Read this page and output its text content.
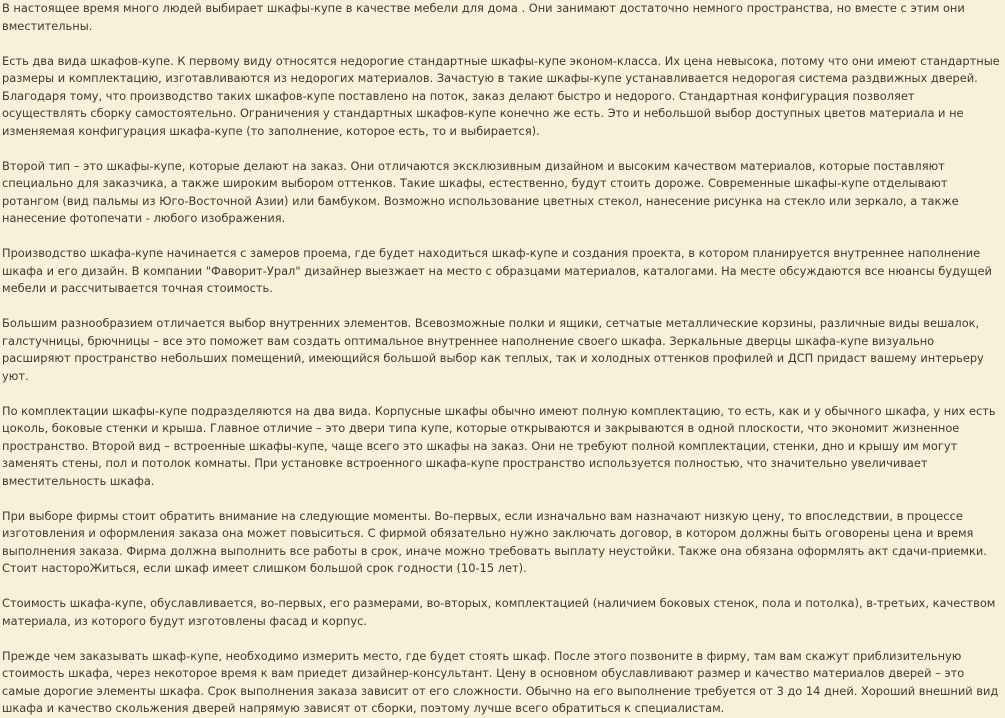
В настоящее время много людей выбирает шкафы-купе в качестве мебели для дома . Они занимают достаточно немного пространства, но вместе с этим они вместительны.

Есть два вида шкафов-купе. К первому виду относятся недорогие стандартные шкафы-купе эконом-класса. Их цена невысока, потому что они имеют стандартные размеры и комплектацию, изготавливаются из недорогих материалов. Зачастую в такие шкафы-купе устанавливается недорогая система раздвижных дверей. Благодаря тому, что производство таких шкафов-купе поставлено на поток, заказ делают быстро и недорого. Стандартная конфигурация позволяет осуществлять сборку самостоятельно. Ограничения у стандартных шкафов-купе конечно же есть. Это и небольшой выбор доступных цветов материала и не изменяемая конфигурация шкафа-купе (то заполнение, которое есть, то и выбирается).

Второй тип – это шкафы-купе, которые делают на заказ. Они отличаются эксклюзивным дизайном и высоким качеством материалов, которые поставляют специально для заказчика, а также широким выбором оттенков. Такие шкафы, естественно, будут стоить дороже. Современные шкафы-купе отделывают ротангом (вид пальмы из Юго-Восточной Азии) или бамбуком. Возможно использование цветных стекол, нанесение рисунка на стекло или зеркало, а также нанесение фотопечати - любого изображения.

Производство шкафа-купе начинается с замеров проема, где будет находиться шкаф-купе и создания проекта, в котором планируется внутреннее наполнение шкафа и его дизайн. В компании "Фаворит-Урал" дизайнер выезжает на место с образцами материалов, каталогами. На месте обсуждаются все нюансы будущей мебели и рассчитывается точная стоимость.

Большим разнообразием отличается выбор внутренних элементов. Всевозможные полки и ящики, сетчатые металлические корзины, различные виды вешалок, галстучницы, брючницы – все это поможет вам создать оптимальное внутреннее наполнение своего шкафа. Зеркальные дверцы шкафа-купе визуально расширяют пространство небольших помещений, имеющийся большой выбор как теплых, так и холодных оттенков профилей и ДСП придаст вашему интерьеру уют.

По комплектации шкафы-купе подразделяются на два вида. Корпусные шкафы обычно имеют полную комплектацию, то есть, как и у обычного шкафа, у них есть цоколь, боковые стенки и крыша. Главное отличие – это двери типа купе, которые открываются и закрываются в одной плоскости, что экономит жизненное пространство. Второй вид – встроенные шкафы-купе, чаще всего это шкафы на заказ. Они не требуют полной комплектации, стенки, дно и крышу им могут заменять стены, пол и потолок комнаты. При установке встроенного шкафа-купе пространство используется полностью, что значительно увеличивает вместительность шкафа.

При выборе фирмы стоит обратить внимание на следующие моменты. Во-первых, если изначально вам назначают низкую цену, то впоследствии, в процессе изготовления и оформления заказа она может повыситься. С фирмой обязательно нужно заключать договор, в котором должны быть оговорены цена и время выполнения заказа. Фирма должна выполнить все работы в срок, иначе можно требовать выплату неустойки. Также она обязана оформлять акт сдачи-приемки. Стоит настороЖиться, если шкаф имеет слишком большой срок годности (10-15 лет).

Стоимость шкафа-купе, обуславливается, во-первых, его размерами, во-вторых, комплектацией (наличием боковых стенок, пола и потолка), в-третьих, качеством материала, из которого будут изготовлены фасад и корпус.

Прежде чем заказывать шкаф-купе, необходимо измерить место, где будет стоять шкаф. После этого позвоните в фирму, там вам скажут приблизительную стоимость шкафа, через некоторое время к вам приедет дизайнер-консультант. Цену в основном обуславливают размер и качество материалов дверей – это самые дорогие элементы шкафа. Срок выполнения заказа зависит от его сложности. Обычно на его выполнение требуется от 3 до 14 дней. Хороший внешний вид шкафа и качество скольжения дверей напрямую зависят от сборки, поэтому лучше всего обратиться к специалистам.
